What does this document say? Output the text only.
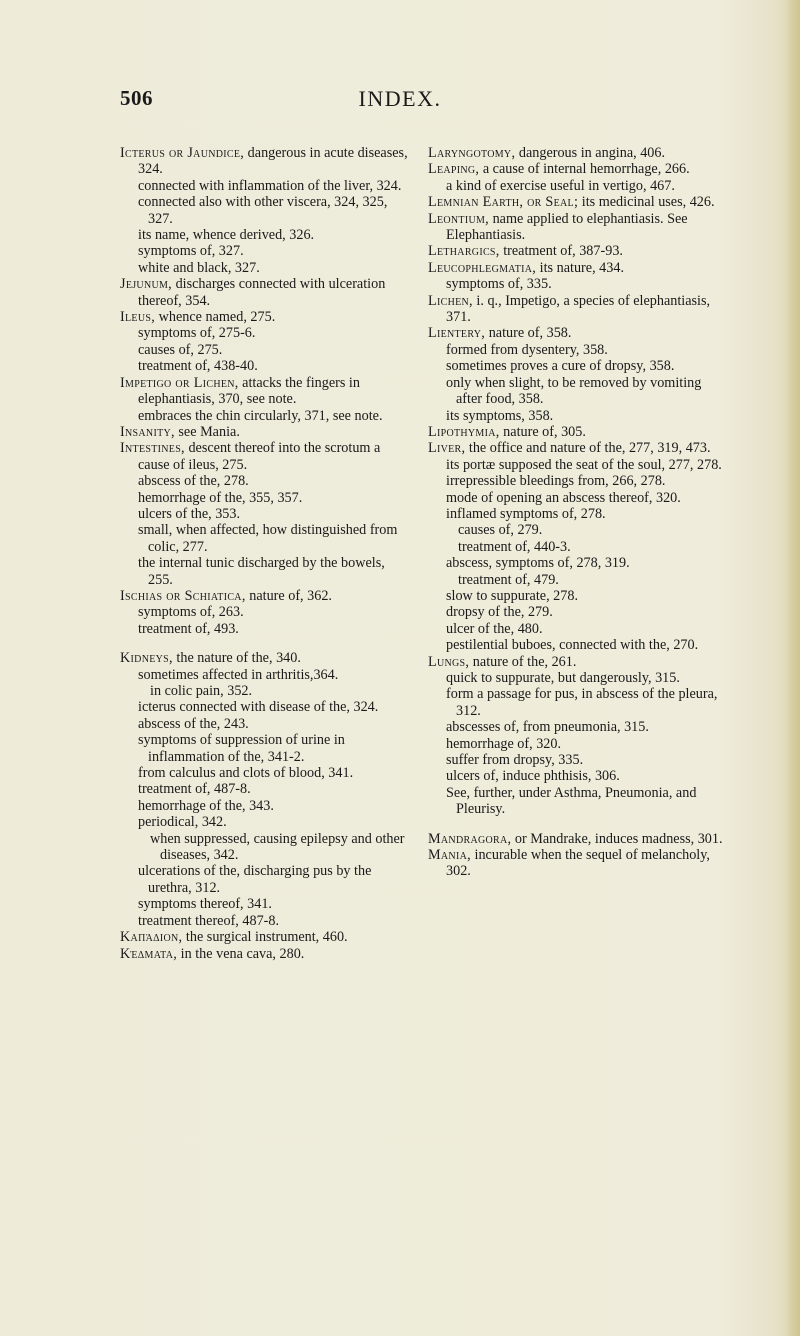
506	INDEX.

Icterus or Jaundice, dangerous in acute diseases, 324.

connected with inflammation of the liver, 324.

connected also with other viscera, 324, 325, 327.

its name, whence derived, 326.

symptoms of, 327.

white and black, 327.

Jejunum, discharges connected with ulceration thereof, 354.

Ileus, whence named, 275.

symptoms of, 275-6.

causes of, 275.

treatment of, 438-40.

Impetigo or Lichen, attacks the fingers in elephantiasis, 370, see note.

embraces the chin circularly, 371, see note.

Insanity, see Mania.

Intestines, descent thereof into the scrotum a cause of ileus, 275.

abscess of the, 278.

hemorrhage of the, 355, 357.

ulcers of the, 353.

small, when affected, how distinguished from colic, 277.

the internal tunic discharged by the bowels, 255.

Ischias or Schiatica, nature of, 362.

symptoms of, 263.

treatment of, 493.

Kidneys, the nature of the, 340.

sometimes affected in arthritis,364.

in colic pain, 352.

icterus connected with disease of the, 324.

abscess of the, 243.

symptoms of suppression of urine in inflammation of the, 341-2.

from calculus and clots of blood, 341.

treatment of, 487-8.

hemorrhage of the, 343.

periodical, 342.

when suppressed, causing epilepsy and other diseases, 342.

ulcerations of the, discharging pus by the urethra, 312.

symptoms thereof, 341.

treatment thereof, 487-8.

Καπάδιον, the surgical instrument, 460.

Κέδματα, in the vena cava, 280.

Laryngotomy, dangerous in angina, 406.

Leaping, a cause of internal hemorrhage, 266.

a kind of exercise useful in vertigo, 467.

Lemnian Earth, or Seal; its medicinal uses, 426.

Leontium, name applied to elephantiasis. See Elephantiasis.

Lethargics, treatment of, 387-93.

Leucophlegmatia, its nature, 434.

symptoms of, 335.

Lichen, i. q., Impetigo, a species of elephantiasis, 371.

Lientery, nature of, 358.

formed from dysentery, 358.

sometimes proves a cure of dropsy, 358.

only when slight, to be removed by vomiting after food, 358.

its symptoms, 358.

Lipothymia, nature of, 305.

Liver, the office and nature of the, 277, 319, 473.

its portæ supposed the seat of the soul, 277, 278.

irrepressible bleedings from, 266, 278.

mode of opening an abscess thereof, 320.

inflamed symptoms of, 278.

causes of, 279.

treatment of, 440-3.

abscess, symptoms of, 278, 319.

treatment of, 479.

slow to suppurate, 278.

dropsy of the, 279.

ulcer of the, 480.

pestilential buboes, connected with the, 270.

Lungs, nature of the, 261.

quick to suppurate, but dangerously, 315.

form a passage for pus, in abscess of the pleura, 312.

abscesses of, from pneumonia, 315.

hemorrhage of, 320.

suffer from dropsy, 335.

ulcers of, induce phthisis, 306.

See, further, under Asthma, Pneumonia, and Pleurisy.

Mandragora, or Mandrake, induces madness, 301.

Mania, incurable when the sequel of melancholy, 302.
